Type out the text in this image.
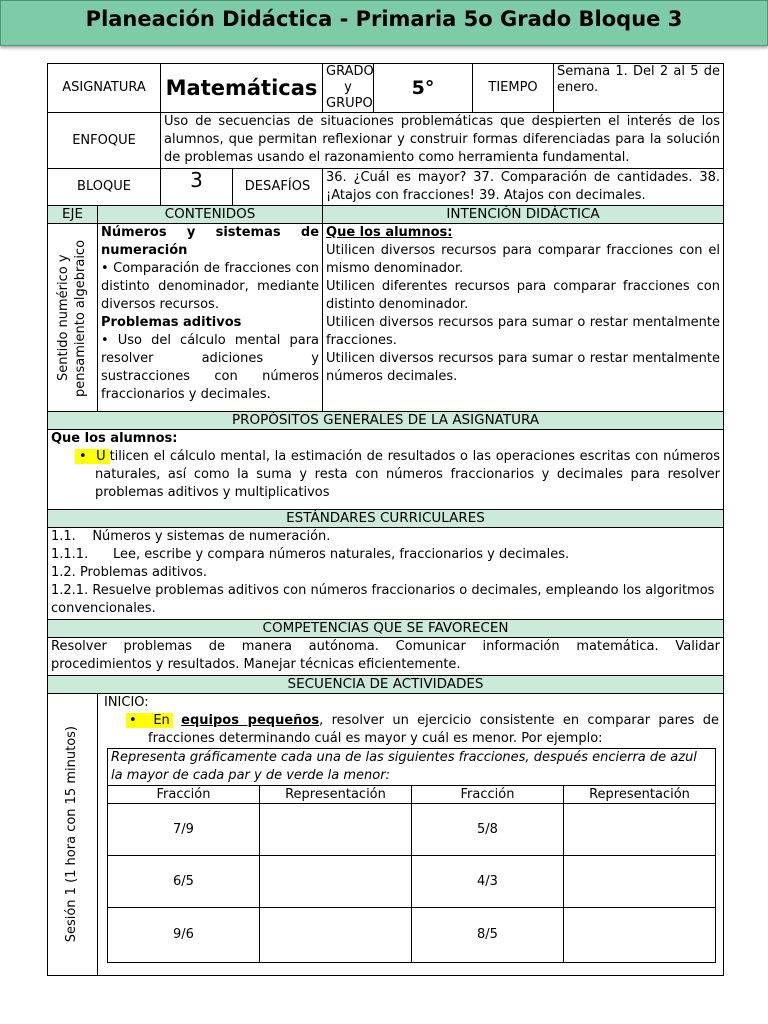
Planeación Didáctica - Primaria 5o Grado Bloque 3
ASIGNATURA	Matemáticas	GRADO y GRUPO	5°	TIEMPO	Semana 1. Del 2 al 5 de enero.
ENFOQUE	Uso de secuencias de situaciones problemáticas que despierten el interés de los alumnos, que permitan reflexionar y construir formas diferenciadas para la solución de problemas usando el razonamiento como herramienta fundamental.
BLOQUE	3	DESAFÍOS	36. ¿Cuál es mayor? 37. Comparación de cantidades. 38. ¡Atajos con fracciones! 39. Atajos con decimales.
EJE	CONTENIDOS	INTENCIÓN DIDÁCTICA

Sentido numérico y pensamiento algebraico

Números y sistemas de numeración
• Comparación de fracciones con distinto denominador, mediante diversos recursos.
Problemas aditivos
• Uso del cálculo mental para resolver adiciones y sustracciones con números fraccionarios y decimales.

Que los alumnos:
Utilicen diversos recursos para comparar fracciones con el mismo denominador.
Utilicen diferentes recursos para comparar fracciones con distinto denominador.
Utilicen diversos recursos para sumar o restar mentalmente fracciones.
Utilicen diversos recursos para sumar o restar mentalmente números decimales.

PROPÓSITOS GENERALES DE LA ASIGNATURA

Que los alumnos:
• U tilicen el cálculo mental, la estimación de resultados o las operaciones escritas con números naturales, así como la suma y resta con números fraccionarios y decimales para resolver problemas aditivos y multiplicativos

ESTÁNDARES CURRICULARES

1.1.    Números y sistemas de numeración.
1.1.1.      Lee, escribe y compara números naturales, fraccionarios y decimales.
1.2. Problemas aditivos.
1.2.1. Resuelve problemas aditivos con números fraccionarios o decimales, empleando los algoritmos convencionales.

COMPETENCIAS QUE SE FAVORECEN
Resolver problemas de manera autónoma. Comunicar información matemática. Validar procedimientos y resultados. Manejar técnicas eficientemente.
SECUENCIA DE ACTIVIDADES

Sesión 1 (1 hora con 15 minutos)

INICIO:
• En equipos pequeños, resolver un ejercicio consistente en comparar pares de fracciones determinando cuál es mayor y cuál es menor. Por ejemplo:
Representa gráficamente cada una de las siguientes fracciones, después encierra de azul la mayor de cada par y de verde la menor:
Fracción	Representación	Fracción	Representación
7/9		5/8	
6/5		4/3	
9/6		8/5	
